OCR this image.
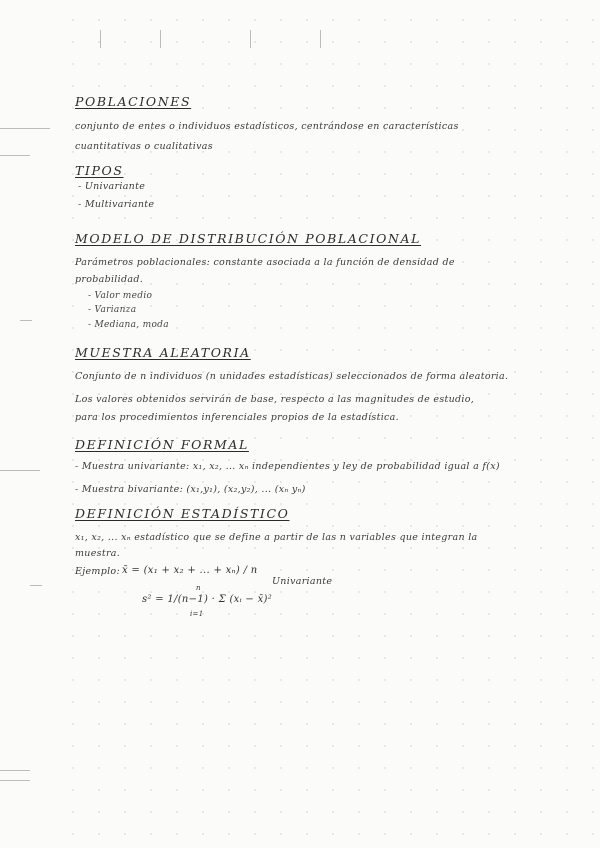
POBLACIONES
conjunto de entes o individuos estadísticos, centrándose en características
cuantitativas o cualitativas
TIPOS
- Univariante
- Multivariante
MODELO DE DISTRIBUCIÓN POBLACIONAL
Parámetros poblacionales: constante asociada a la función de densidad de
probabilidad.
- Valor medio
- Varianza
- Mediana, moda
MUESTRA ALEATORIA
Conjunto de n individuos (n unidades estadísticas) seleccionados de forma aleatoria.
Los valores obtenidos servirán de base, respecto a las magnitudes de estudio,
para los procedimientos inferenciales propios de la estadística.
DEFINICIÓN FORMAL
- Muestra univariante: x₁, x₂, ... xₙ independientes y ley de probabilidad igual a f(x)
- Muestra bivariante: (x₁,y₁), (x₂,y₂), ... (xₙ yₙ)
DEFINICIÓN ESTADÍSTICO
x₁, x₂, ... xₙ estadístico que se define a partir de las n variables que integran la
muestra.
Ejemplo: x̄ = (x₁ + x₂ + ... + xₙ) / n
Univariante
s² = 1/(n−1) · Σ (xᵢ − x̄)²
n
i=1
